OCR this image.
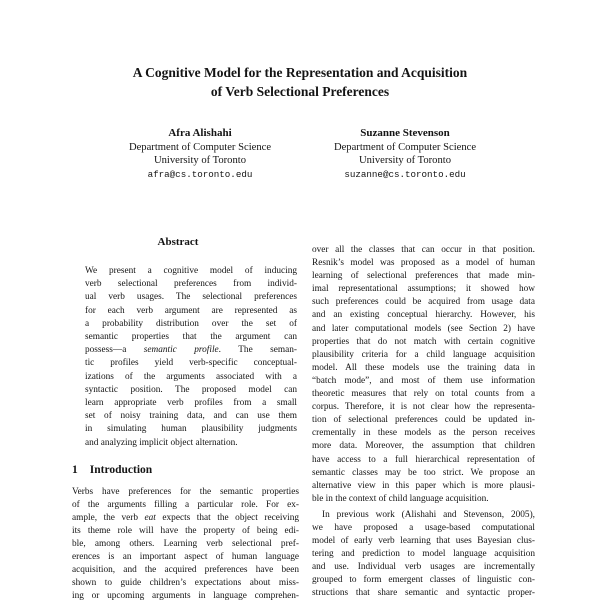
A Cognitive Model for the Representation and Acquisition
of Verb Selectional Preferences
Afra Alishahi
Department of Computer Science
University of Toronto
afra@cs.toronto.edu
Suzanne Stevenson
Department of Computer Science
University of Toronto
suzanne@cs.toronto.edu
Abstract
We present a cognitive model of inducing
verb selectional preferences from individ-
ual verb usages. The selectional preferences
for each verb argument are represented as
a probability distribution over the set of
semantic properties that the argument can
possess—a semantic profile. The seman-
tic profiles yield verb-specific conceptual-
izations of the arguments associated with a
syntactic position. The proposed model can
learn appropriate verb profiles from a small
set of noisy training data, and can use them
in simulating human plausibility judgments
and analyzing implicit object alternation.
1 Introduction
Verbs have preferences for the semantic properties
of the arguments filling a particular role. For ex-
ample, the verb eat expects that the object receiving
its theme role will have the property of being edi-
ble, among others. Learning verb selectional pref-
erences is an important aspect of human language
acquisition, and the acquired preferences have been
shown to guide children’s expectations about miss-
ing or upcoming arguments in language comprehen-
over all the classes that can occur in that position.
Resnik’s model was proposed as a model of human
learning of selectional preferences that made min-
imal representational assumptions; it showed how
such preferences could be acquired from usage data
and an existing conceptual hierarchy. However, his
and later computational models (see Section 2) have
properties that do not match with certain cognitive
plausibility criteria for a child language acquisition
model. All these models use the training data in
“batch mode”, and most of them use information
theoretic measures that rely on total counts from a
corpus. Therefore, it is not clear how the representa-
tion of selectional preferences could be updated in-
crementally in these models as the person receives
more data. Moreover, the assumption that children
have access to a full hierarchical representation of
semantic classes may be too strict. We propose an
alternative view in this paper which is more plausi-
ble in the context of child language acquisition.
In previous work (Alishahi and Stevenson, 2005),
we have proposed a usage-based computational
model of early verb learning that uses Bayesian clus-
tering and prediction to model language acquisition
and use. Individual verb usages are incrementally
grouped to form emergent classes of linguistic con-
structions that share semantic and syntactic proper-
